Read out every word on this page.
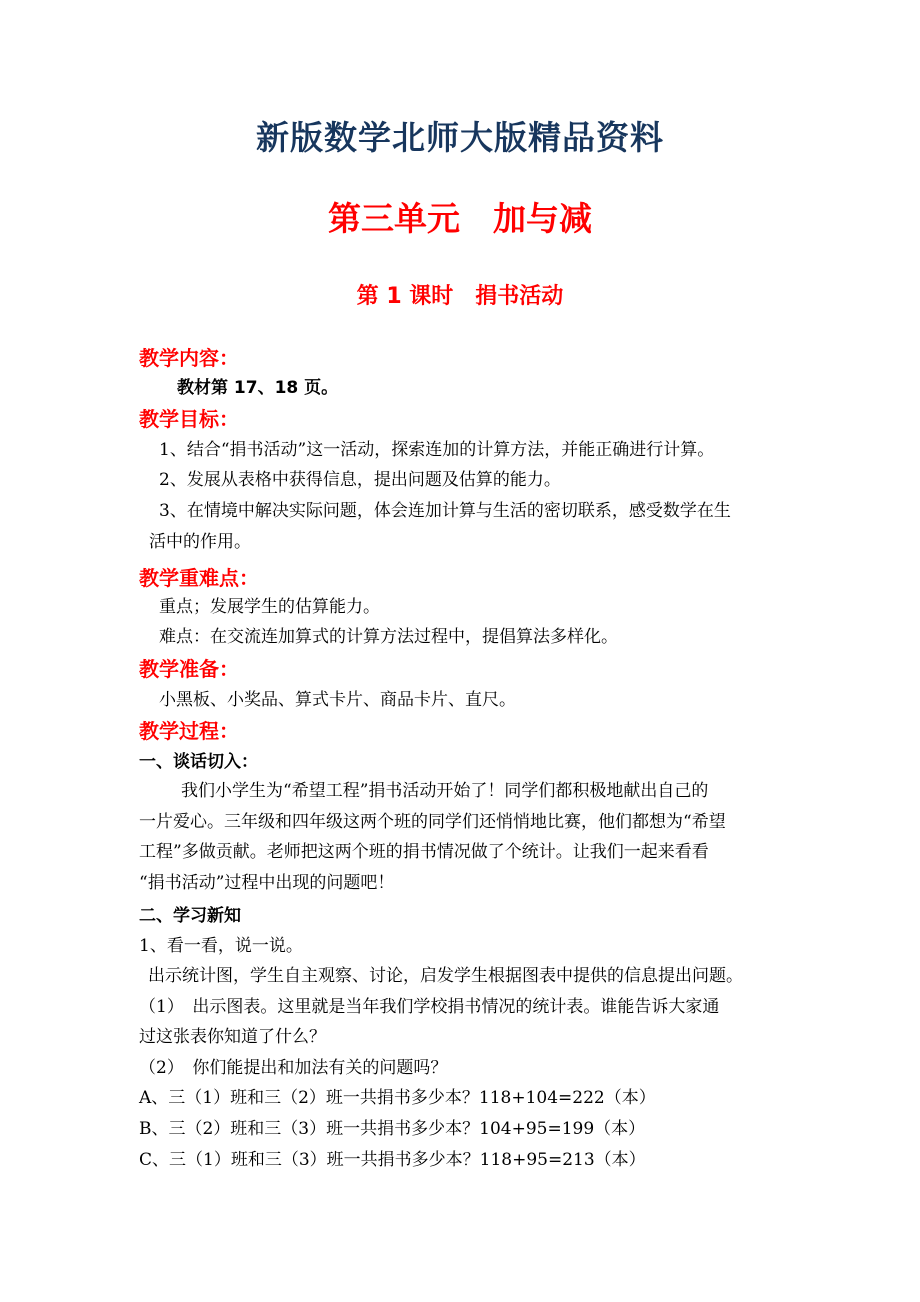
新版数学北师大版精品资料
第三单元　加与减
第 1 课时　捐书活动
教学内容：
教材第 17、18 页。
教学目标：
1、结合“捐书活动”这一活动，探索连加的计算方法，并能正确进行计算。
2、发展从表格中获得信息，提出问题及估算的能力。
3、在情境中解决实际问题，体会连加计算与生活的密切联系，感受数学在生
活中的作用。
教学重难点：
重点；发展学生的估算能力。
难点：在交流连加算式的计算方法过程中，提倡算法多样化。
教学准备：
小黑板、小奖品、算式卡片、商品卡片、直尺。
教学过程：
一、谈话切入：
我们小学生为“希望工程”捐书活动开始了！同学们都积极地献出自己的
一片爱心。三年级和四年级这两个班的同学们还悄悄地比赛，他们都想为“希望
工程”多做贡献。老师把这两个班的捐书情况做了个统计。让我们一起来看看
“捐书活动”过程中出现的问题吧！
二、学习新知
1、看一看，说一说。
出示统计图，学生自主观察、讨论，启发学生根据图表中提供的信息提出问题。
（1）　出示图表。这里就是当年我们学校捐书情况的统计表。谁能告诉大家通
过这张表你知道了什么？
（2）　你们能提出和加法有关的问题吗？
A、三（1）班和三（2）班一共捐书多少本？118+104=222（本）
B、三（2）班和三（3）班一共捐书多少本？104+95=199（本）
C、三（1）班和三（3）班一共捐书多少本？118+95=213（本）
